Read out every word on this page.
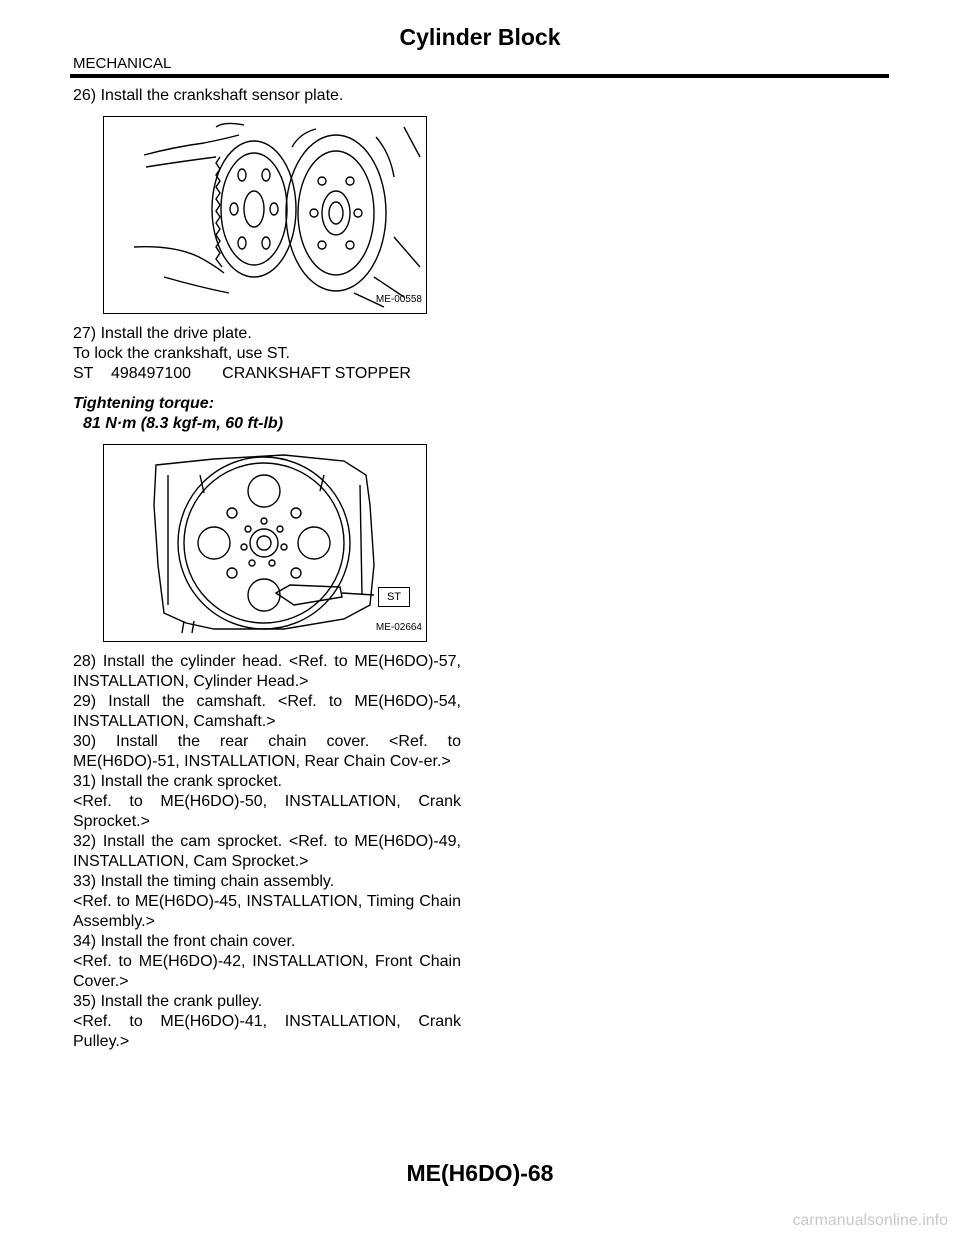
Cylinder Block
MECHANICAL

26) Install the crankshaft sensor plate.

ME-00558

27) Install the drive plate.

To lock the crankshaft, use ST.

ST    498497100       CRANKSHAFT STOPPER

Tightening torque:

81 N·m (8.3 kgf-m, 60 ft-lb)

ST
ME-02664

28) Install the cylinder head. <Ref. to ME(H6DO)-57, INSTALLATION, Cylinder Head.>

29) Install the camshaft. <Ref. to ME(H6DO)-54, INSTALLATION, Camshaft.>

30) Install the rear chain cover. <Ref. to ME(H6DO)-51, INSTALLATION, Rear Chain Cov-er.>

31) Install the crank sprocket.

<Ref. to ME(H6DO)-50, INSTALLATION, Crank Sprocket.>

32) Install the cam sprocket. <Ref. to ME(H6DO)-49, INSTALLATION, Cam Sprocket.>

33) Install the timing chain assembly.

<Ref. to ME(H6DO)-45, INSTALLATION, Timing Chain Assembly.>

34) Install the front chain cover.

<Ref. to ME(H6DO)-42, INSTALLATION, Front Chain Cover.>

35) Install the crank pulley.

<Ref. to ME(H6DO)-41, INSTALLATION, Crank Pulley.>

ME(H6DO)-68
carmanualsonline.info
